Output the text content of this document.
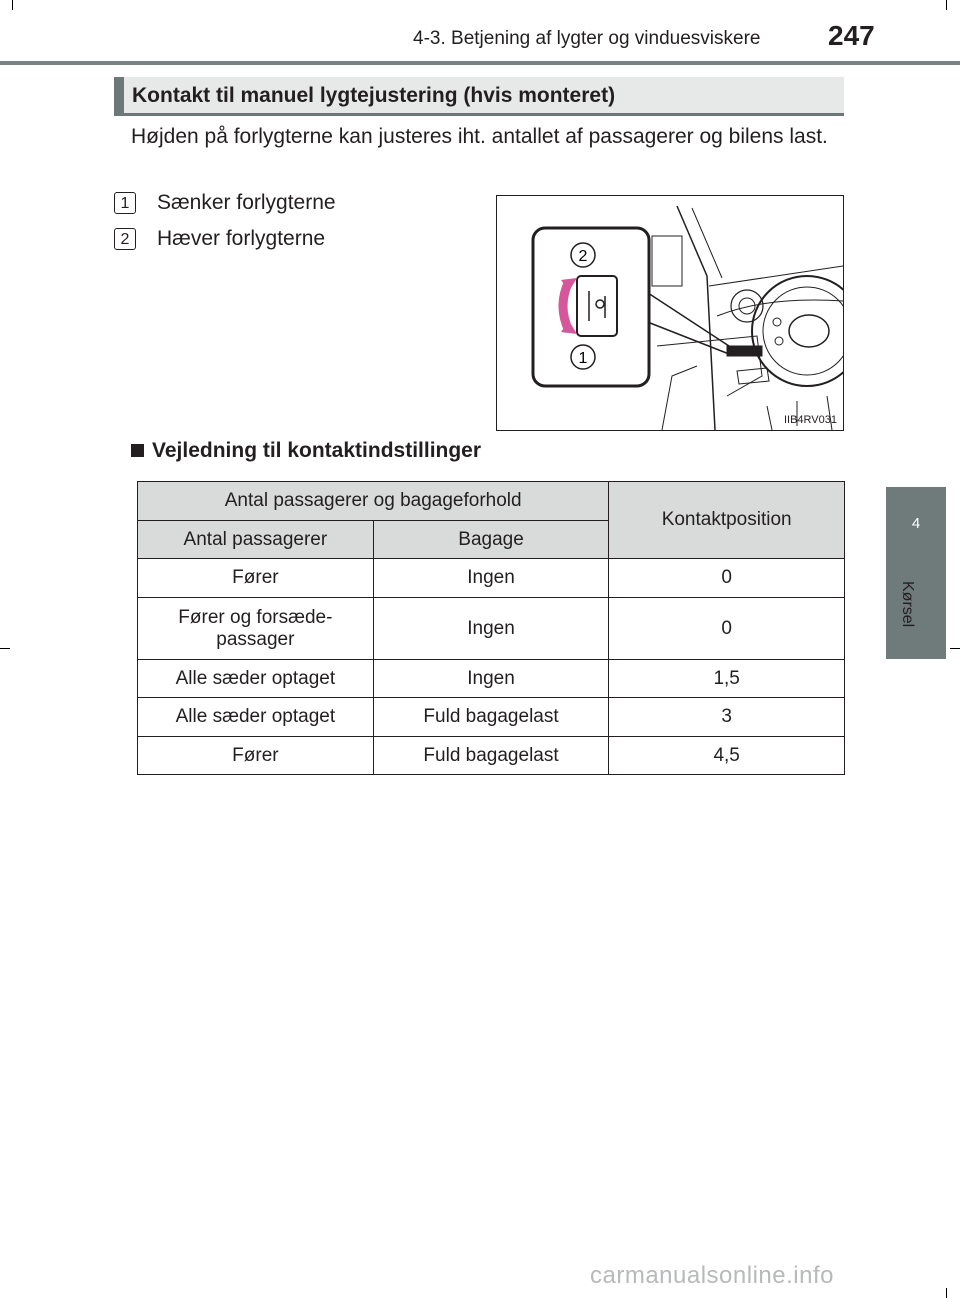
4-3. Betjening af lygter og vinduesviskere 247
4
Kørsel
Kontakt til manuel lygtejustering (hvis monteret)
Højden på forlygterne kan justeres iht. antallet af passagerer og bilens last.
1	Sænker forlygterne
2	Hæver forlygterne
2
1
IIB4RV031
Vejledning til kontaktindstillinger
Antal passagerer og bagageforhold		Kontaktposition
Antal passagerer	Bagage	
Fører	Ingen	0
Fører og forsæde-passager	Ingen	0
Alle sæder optaget	Ingen	1,5
Alle sæder optaget	Fuld bagagelast	3
Fører	Fuld bagagelast	4,5
carmanualsonline.info
